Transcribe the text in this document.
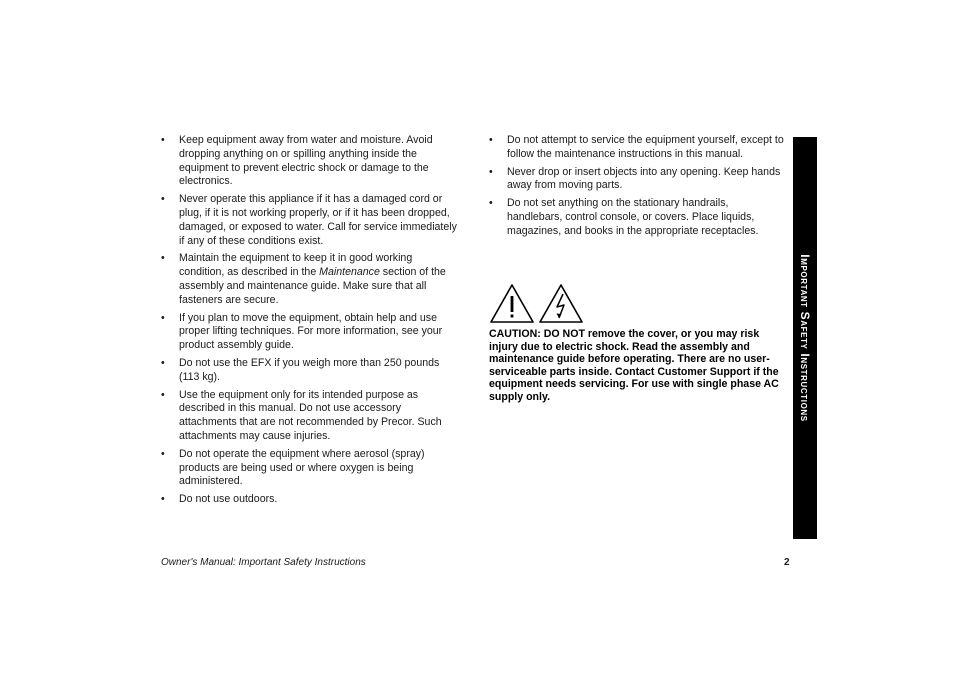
• Keep equipment away from water and moisture. Avoid dropping anything on or spilling anything inside the equipment to prevent electric shock or damage to the electronics.
• Never operate this appliance if it has a damaged cord or plug, if it is not working properly, or if it has been dropped, damaged, or exposed to water. Call for service immediately if any of these conditions exist.
• Maintain the equipment to keep it in good working condition, as described in the Maintenance section of the assembly and maintenance guide. Make sure that all fasteners are secure.
• If you plan to move the equipment, obtain help and use proper lifting techniques. For more information, see your product assembly guide.
• Do not use the EFX if you weigh more than 250 pounds (113 kg).
• Use the equipment only for its intended purpose as described in this manual. Do not use accessory attachments that are not recommended by Precor. Such attachments may cause injuries.
• Do not operate the equipment where aerosol (spray) products are being used or where oxygen is being administered.
• Do not use outdoors.
• Do not attempt to service the equipment yourself, except to follow the maintenance instructions in this manual.
• Never drop or insert objects into any opening. Keep hands away from moving parts.
• Do not set anything on the stationary handrails, handlebars, control console, or covers. Place liquids, magazines, and books in the appropriate receptacles.
CAUTION: DO NOT remove the cover, or you may risk injury due to electric shock. Read the assembly and maintenance guide before operating. There are no user-serviceable parts inside. Contact Customer Support if the equipment needs servicing. For use with single phase AC supply only.	Important Safety Instructions
Owner's Manual: Important Safety Instructions	2
